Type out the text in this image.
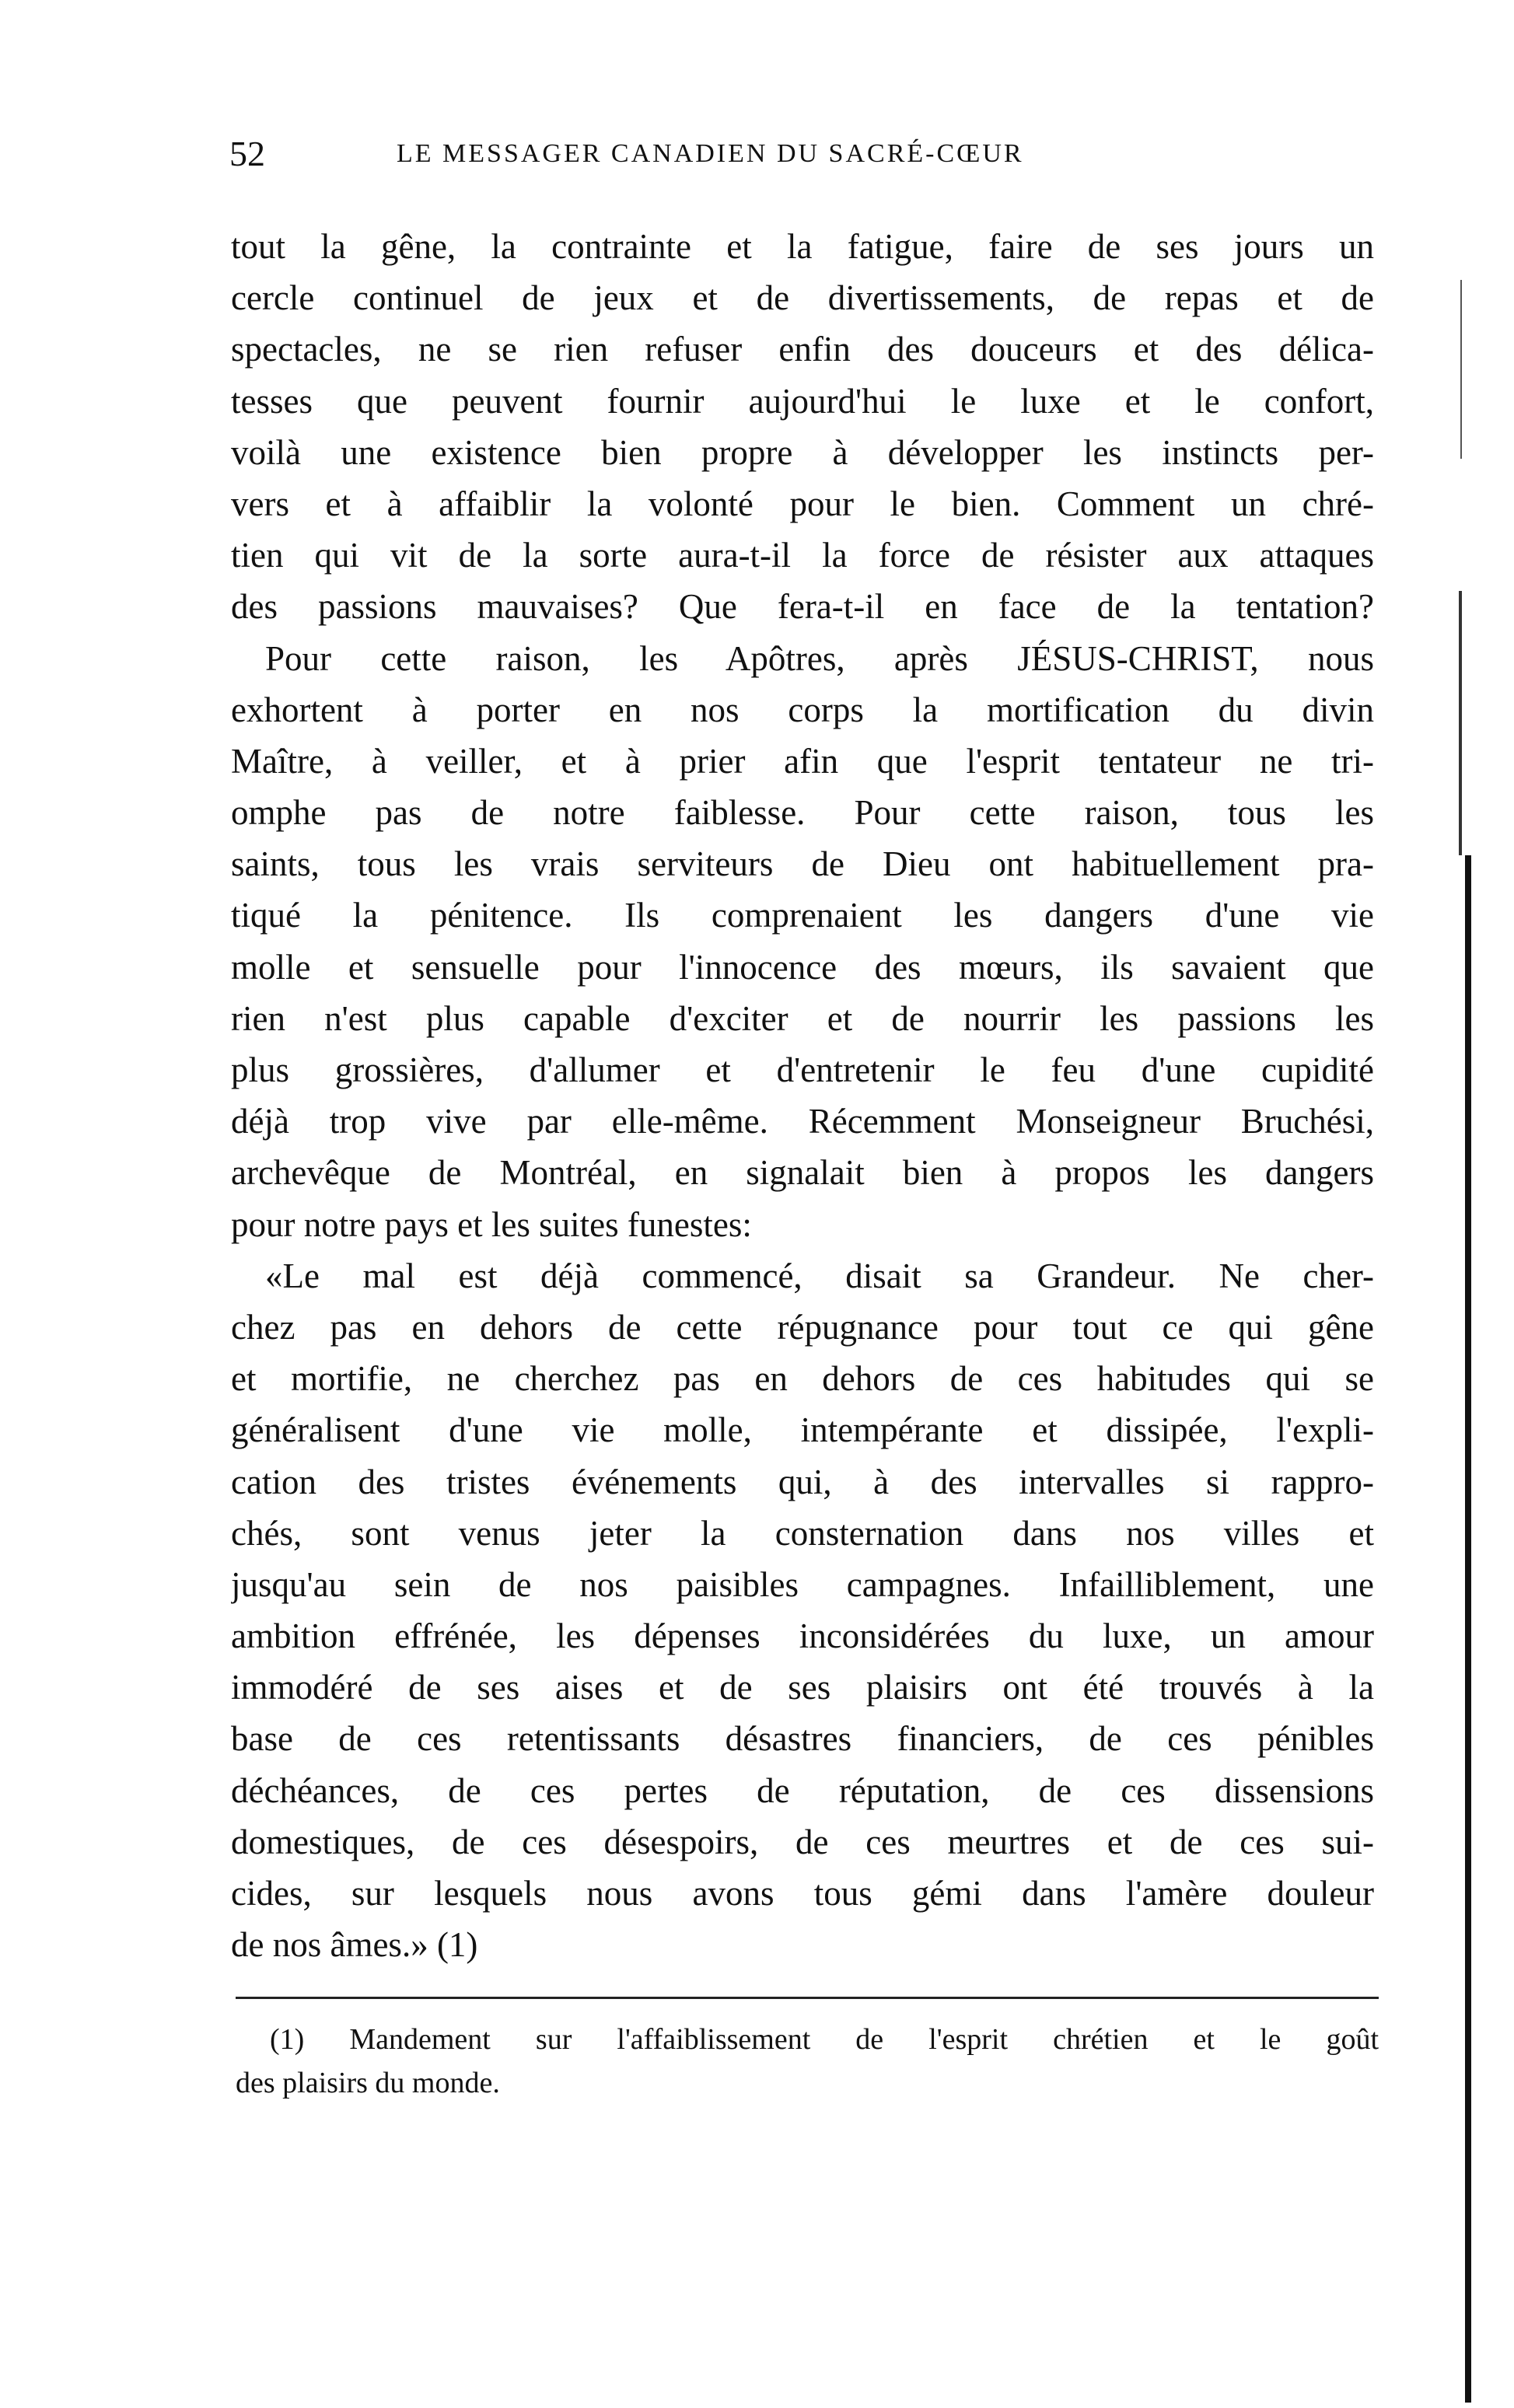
52	LE MESSAGER CANADIEN DU SACRÉ-CŒUR
tout la gêne, la contrainte et la fatigue, faire de ses jours un
cercle continuel de jeux et de divertissements, de repas et de
spectacles, ne se rien refuser enfin des douceurs et des délica-
tesses que peuvent fournir aujourd'hui le luxe et le confort,
voilà une existence bien propre à développer les instincts per-
vers et à affaiblir la volonté pour le bien. Comment un chré-
tien qui vit de la sorte aura-t-il la force de résister aux attaques
des passions mauvaises? Que fera-t-il en face de la tentation?
Pour cette raison, les Apôtres, après JÉSUS-CHRIST, nous
exhortent à porter en nos corps la mortification du divin
Maître, à veiller, et à prier afin que l'esprit tentateur ne tri-
omphe pas de notre faiblesse. Pour cette raison, tous les
saints, tous les vrais serviteurs de Dieu ont habituellement pra-
tiqué la pénitence. Ils comprenaient les dangers d'une vie
molle et sensuelle pour l'innocence des mœurs, ils savaient que
rien n'est plus capable d'exciter et de nourrir les passions les
plus grossières, d'allumer et d'entretenir le feu d'une cupidité
déjà trop vive par elle-même. Récemment Monseigneur Bruchési,
archevêque de Montréal, en signalait bien à propos les dangers
pour notre pays et les suites funestes:
«Le mal est déjà commencé, disait sa Grandeur. Ne cher-
chez pas en dehors de cette répugnance pour tout ce qui gêne
et mortifie, ne cherchez pas en dehors de ces habitudes qui se
généralisent d'une vie molle, intempérante et dissipée, l'expli-
cation des tristes événements qui, à des intervalles si rappro-
chés, sont venus jeter la consternation dans nos villes et
jusqu'au sein de nos paisibles campagnes. Infailliblement, une
ambition effrénée, les dépenses inconsidérées du luxe, un amour
immodéré de ses aises et de ses plaisirs ont été trouvés à la
base de ces retentissants désastres financiers, de ces pénibles
déchéances, de ces pertes de réputation, de ces dissensions
domestiques, de ces désespoirs, de ces meurtres et de ces sui-
cides, sur lesquels nous avons tous gémi dans l'amère douleur
de nos âmes.» (1)
(1) Mandement sur l'affaiblissement de l'esprit chrétien et le goût
des plaisirs du monde.
